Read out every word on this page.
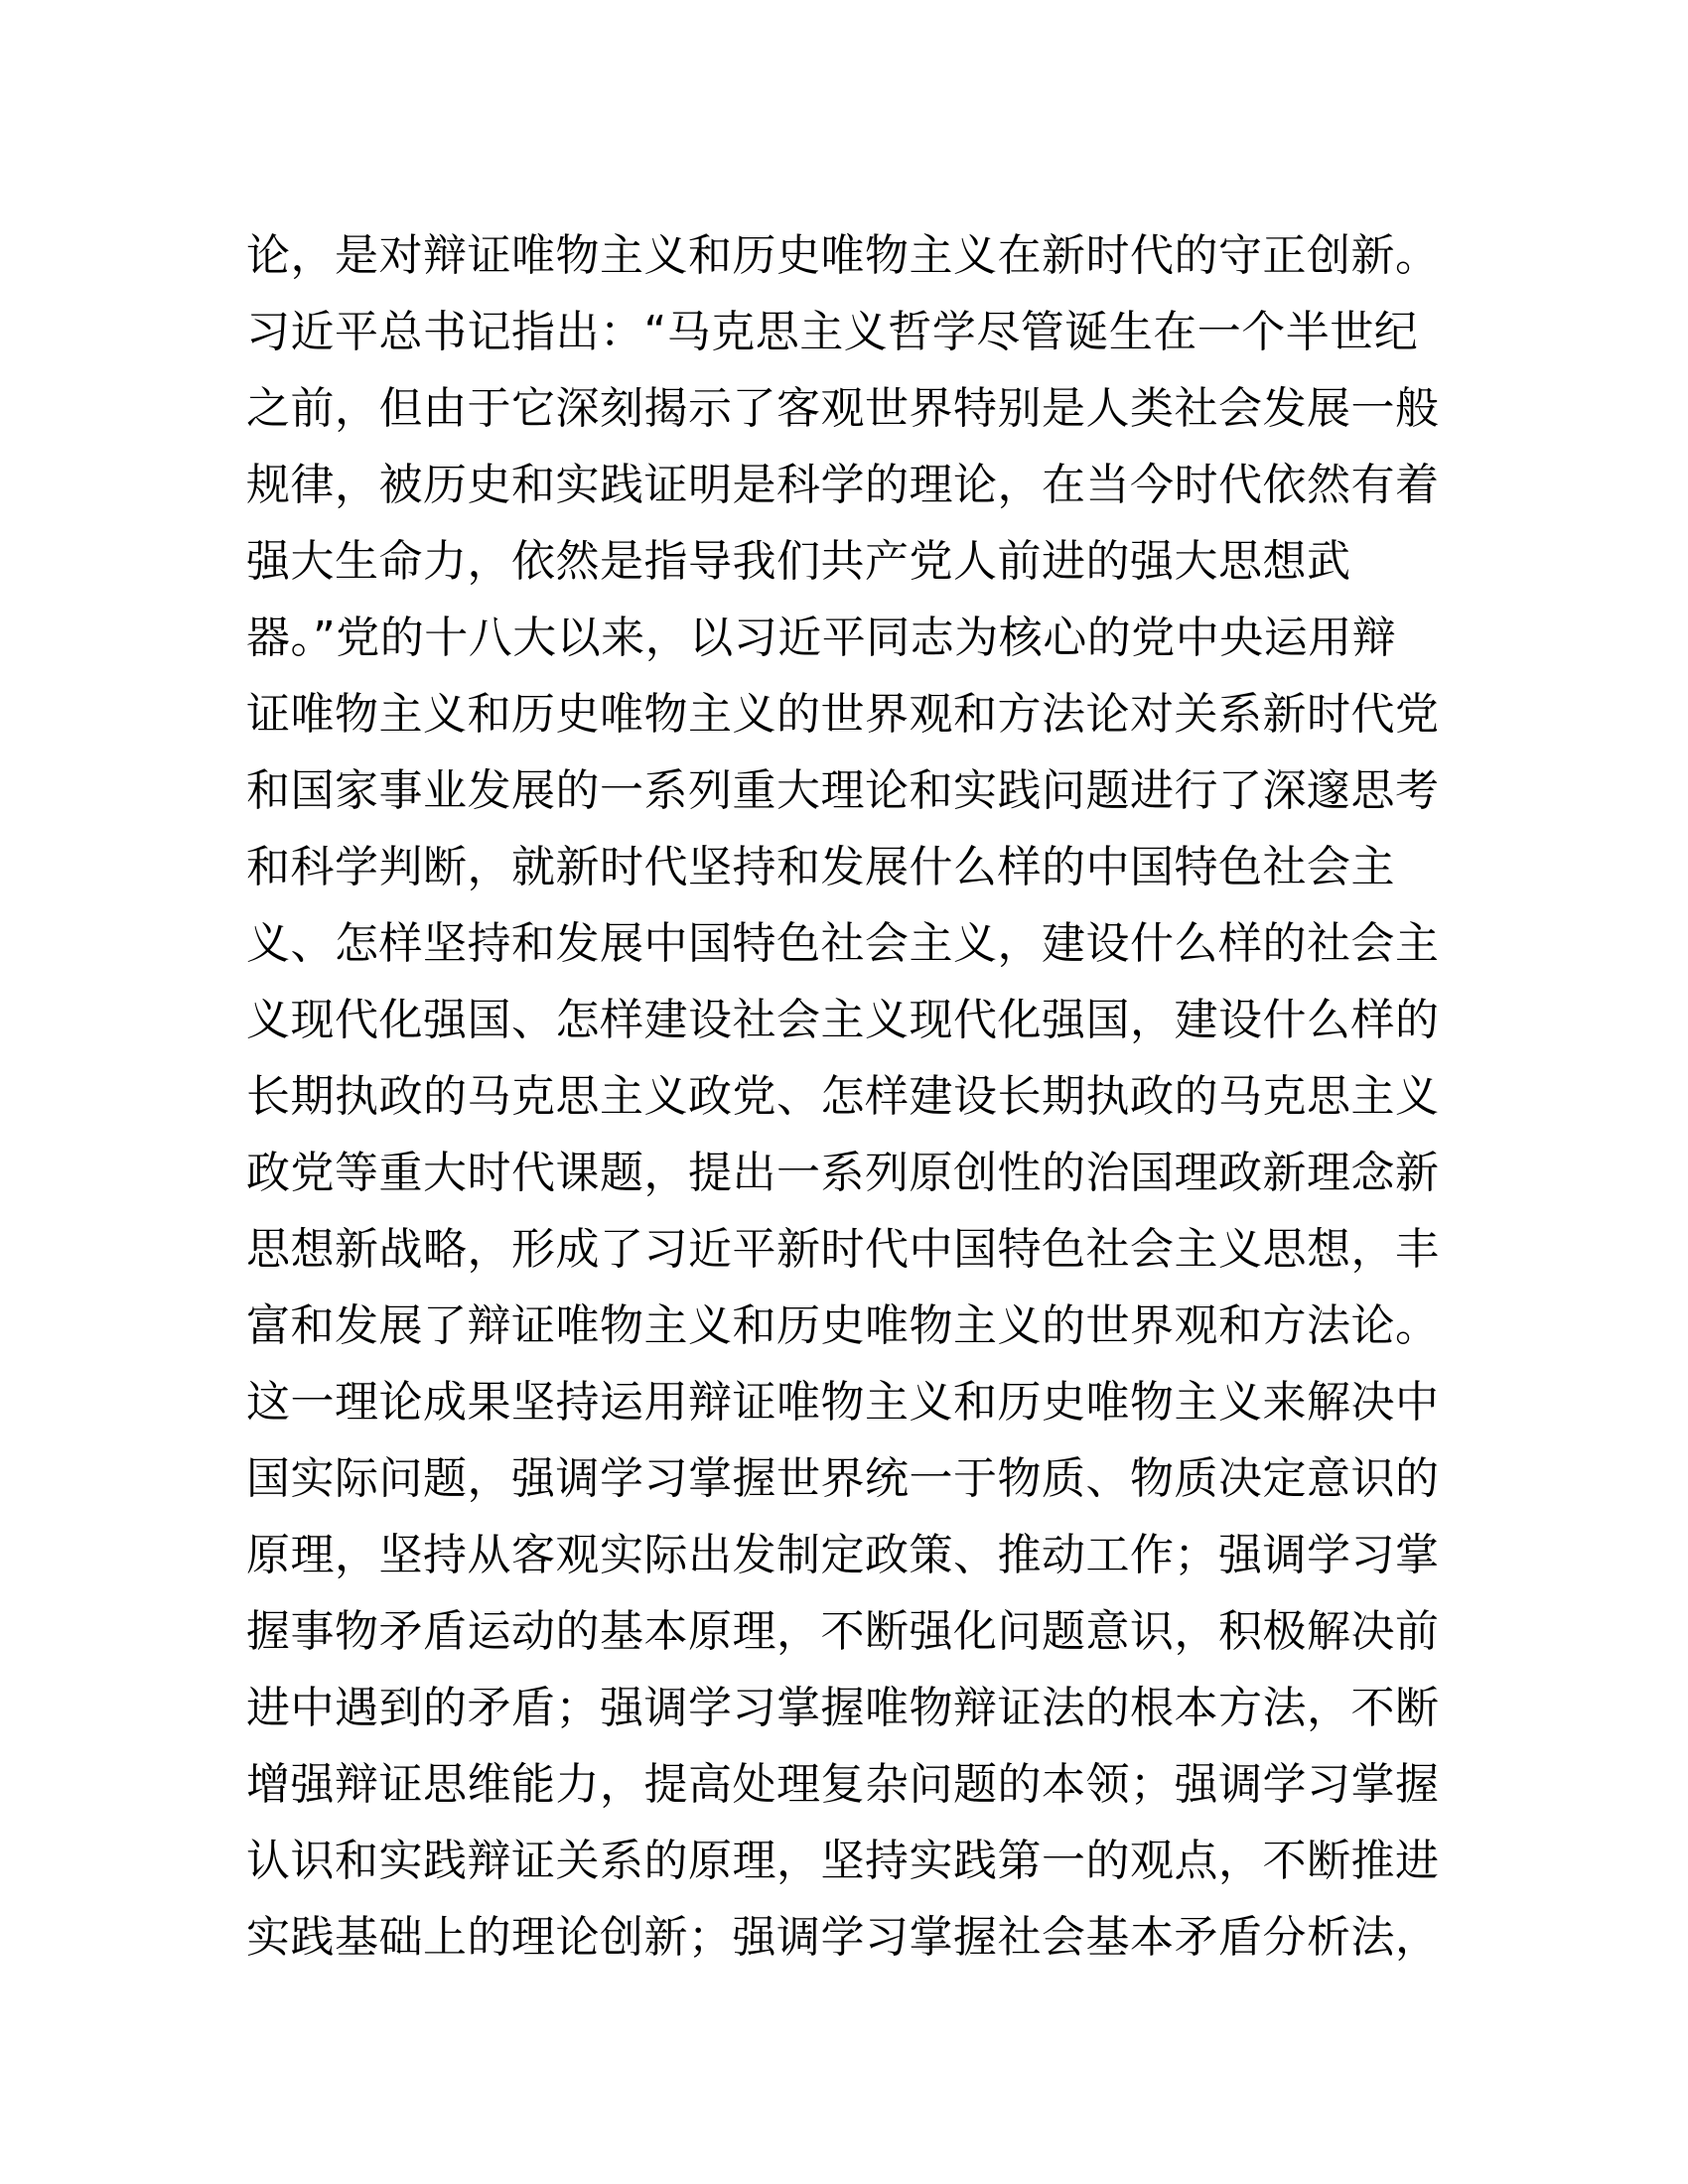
论，是对辩证唯物主义和历史唯物主义在新时代的守正创新。
习近平总书记指出：“马克思主义哲学尽管诞生在一个半世纪
之前，但由于它深刻揭示了客观世界特别是人类社会发展一般
规律，被历史和实践证明是科学的理论，在当今时代依然有着
强大生命力，依然是指导我们共产党人前进的强大思想武
器。”党的十八大以来，以习近平同志为核心的党中央运用辩
证唯物主义和历史唯物主义的世界观和方法论对关系新时代党
和国家事业发展的一系列重大理论和实践问题进行了深邃思考
和科学判断，就新时代坚持和发展什么样的中国特色社会主
义、怎样坚持和发展中国特色社会主义，建设什么样的社会主
义现代化强国、怎样建设社会主义现代化强国，建设什么样的
长期执政的马克思主义政党、怎样建设长期执政的马克思主义
政党等重大时代课题，提出一系列原创性的治国理政新理念新
思想新战略，形成了习近平新时代中国特色社会主义思想，丰
富和发展了辩证唯物主义和历史唯物主义的世界观和方法论。
这一理论成果坚持运用辩证唯物主义和历史唯物主义来解决中
国实际问题，强调学习掌握世界统一于物质、物质决定意识的
原理，坚持从客观实际出发制定政策、推动工作；强调学习掌
握事物矛盾运动的基本原理，不断强化问题意识，积极解决前
进中遇到的矛盾；强调学习掌握唯物辩证法的根本方法，不断
增强辩证思维能力，提高处理复杂问题的本领；强调学习掌握
认识和实践辩证关系的原理，坚持实践第一的观点，不断推进
实践基础上的理论创新；强调学习掌握社会基本矛盾分析法，
